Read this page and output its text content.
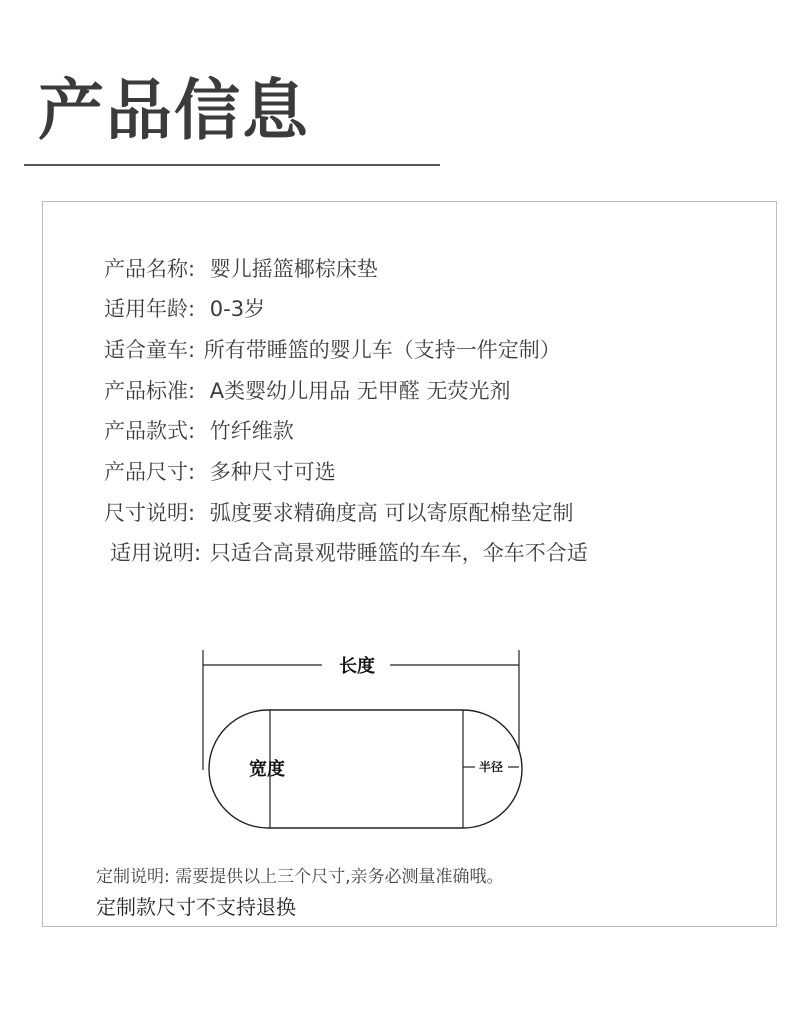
产品信息
产品名称: 婴儿摇篮椰棕床垫
适用年龄: 0-3岁
适合童车: 所有带睡篮的婴儿车（支持一件定制）
产品标准: A类婴幼儿用品 无甲醛 无荧光剂
产品款式: 竹纤维款
产品尺寸: 多种尺寸可选
尺寸说明: 弧度要求精确度高 可以寄原配棉垫定制
适用说明: 只适合高景观带睡篮的车车，伞车不合适
长度
宽度	半径
定制说明: 需要提供以上三个尺寸,亲务必测量准确哦。
定制款尺寸不支持退换
